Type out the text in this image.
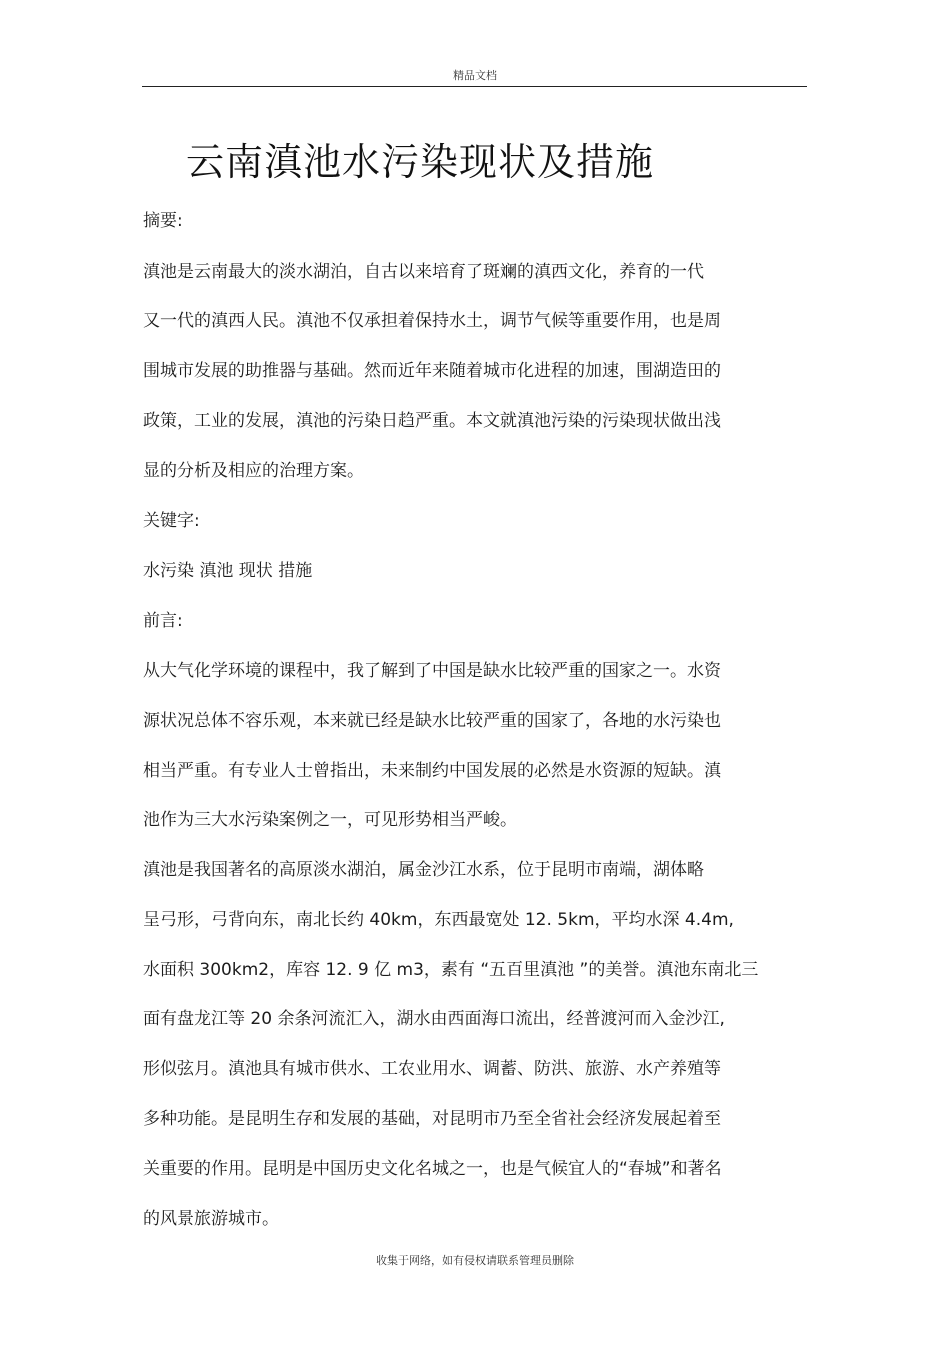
精品文档
云南滇池水污染现状及措施
摘要:
滇池是云南最大的淡水湖泊，自古以来培育了斑斓的滇西文化，养育的一代
又一代的滇西人民。滇池不仅承担着保持水土，调节气候等重要作用，也是周
围城市发展的助推器与基础。然而近年来随着城市化进程的加速，围湖造田的
政策，工业的发展，滇池的污染日趋严重。本文就滇池污染的污染现状做出浅
显的分析及相应的治理方案。
关键字:
水污染 滇池 现状 措施
前言:
从大气化学环境的课程中，我了解到了中国是缺水比较严重的国家之一。水资
源状况总体不容乐观，本来就已经是缺水比较严重的国家了，各地的水污染也
相当严重。有专业人士曾指出，未来制约中国发展的必然是水资源的短缺。滇
池作为三大水污染案例之一，可见形势相当严峻。
滇池是我国著名的高原淡水湖泊，属金沙江水系，位于昆明市南端，湖体略
呈弓形，弓背向东，南北长约 40km，东西最宽处 12. 5km，平均水深 4.4m,
水面积 300km2，库容 12. 9 亿 m3，素有 “五百里滇池 ”的美誉。滇池东南北三
面有盘龙江等 20 余条河流汇入，湖水由西面海口流出，经普渡河而入金沙江,
形似弦月。滇池具有城市供水、工农业用水、调蓄、防洪、旅游、水产养殖等
多种功能。是昆明生存和发展的基础，对昆明市乃至全省社会经济发展起着至
关重要的作用。昆明是中国历史文化名城之一，也是气候宜人的“春城”和著名
的风景旅游城市。
收集于网络，如有侵权请联系管理员删除
